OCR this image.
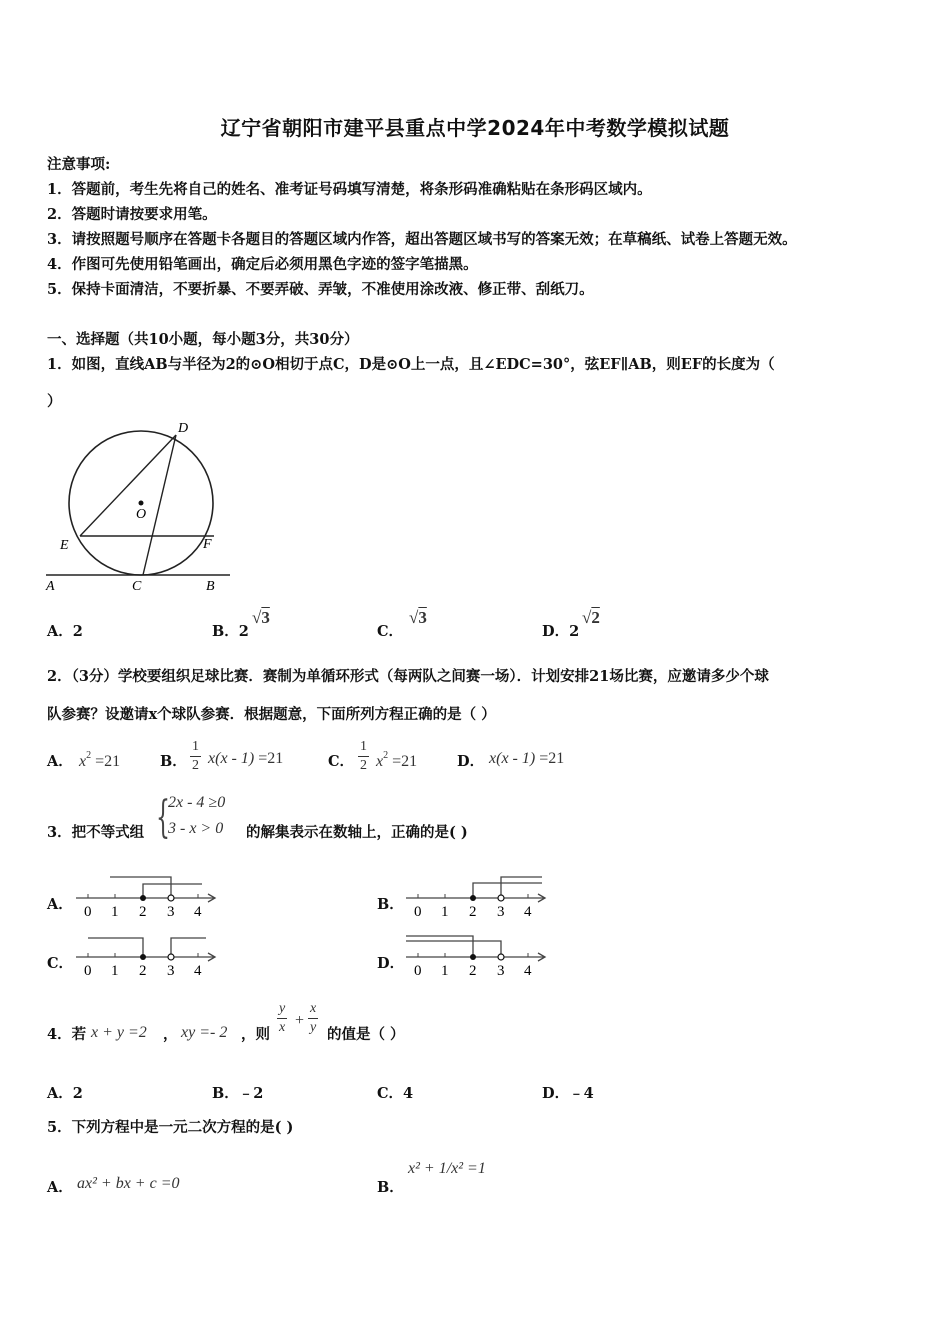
辽宁省朝阳市建平县重点中学2024年中考数学模拟试题
注意事项:
1．答题前，考生先将自己的姓名、准考证号码填写清楚，将条形码准确粘贴在条形码区域内。
2．答题时请按要求用笔。
3．请按照题号顺序在答题卡各题目的答题区域内作答，超出答题区域书写的答案无效；在草稿纸、试卷上答题无效。
4．作图可先使用铅笔画出，确定后必须用黑色字迹的签字笔描黑。
5．保持卡面清洁，不要折暴、不要弄破、弄皱，不准使用涂改液、修正带、刮纸刀。
一、选择题（共10小题，每小题3分，共30分）
1．如图，直线AB与半径为2的⊙O相切于点C，D是⊙O上一点，且∠EDC=30°，弦EF∥AB，则EF的长度为（
）
D
O
E	F
A	C	B
A．2	B．2
√3
C．
√3
D．2
√2
2．（3分）学校要组织足球比赛．赛制为单循环形式（每两队之间赛一场）．计划安排21场比赛，应邀请多少个球
队参赛？设邀请x个球队参赛．根据题意，下面所列方程正确的是（ ）
A． $x^2 =21$	B． $\frac{1}{2} x(x - 1) =21$	C． $\frac{1}{2} x^2 =21$	D． x(x - 1) =21
3．把不等式组 {
2x - 4 ≥0
3 - x > 0 的解集表示在数轴上，正确的是( )
A． 0 1 2 3 4	B． 0 1 2 3 4
C． 0 1 2 3 4	D． 0 1 2 3 4
4．若 x + y =2 ， xy =- 2 ，则 $\frac{y}{x} + \frac{x}{y}$ 的值是（ ）
A．2	B．﹣2	C．4	D．﹣4
5．下列方程中是一元二次方程的是( )
A． ax² + bx + c =0	B．
x² + 1/x² =1
